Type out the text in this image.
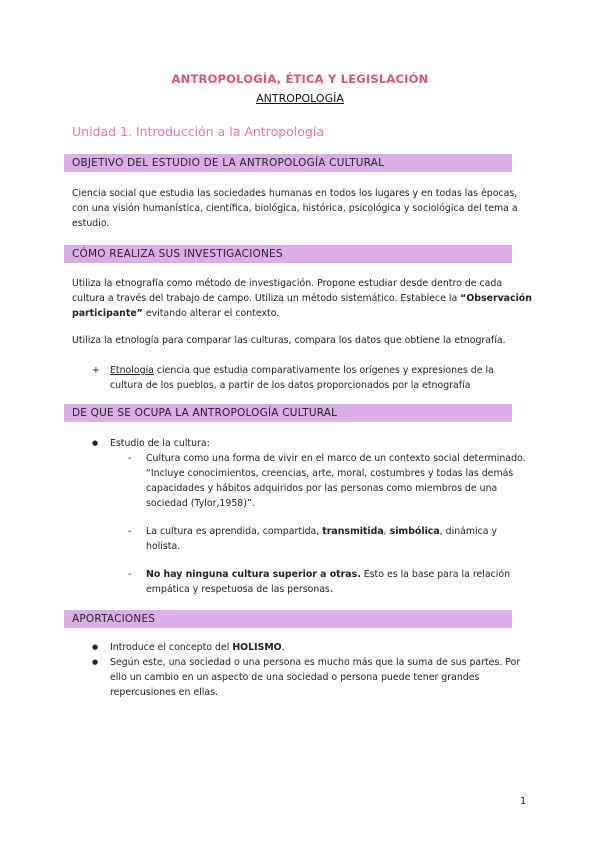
ANTROPOLOGÍA, ÉTICA Y LEGISLACIÓN
ANTROPOLOGÍA
Unidad 1. Introducción a la Antropología
OBJETIVO DEL ESTUDIO DE LA ANTROPOLOGÍA CULTURAL

Ciencia social que estudia las sociedades humanas en todos los lugares y en todas las épocas, con una visión humanística, científica, biológica, histórica, psicológica y sociológica del tema a estudio.

CÓMO REALIZA SUS INVESTIGACIONES

Utiliza la etnografía como método de investigación. Propone estudiar desde dentro de cada cultura a través del trabajo de campo. Utiliza un método sistemático. Establece la “Observación participante” evitando alterar el contexto.

Utiliza la etnología para comparar las culturas, compara los datos que obtiene la etnografía.

+ Etnología ciencia que estudia comparativamente los orígenes y expresiones de la cultura de los pueblos, a partir de los datos proporcionados por la etnografía

DE QUE SE OCUPA LA ANTROPOLOGÍA CULTURAL
● Estudio de la cultura:

- Cultura como una forma de vivir en el marco de un contexto social determinado. “Incluye conocimientos, creencias, arte, moral, costumbres y todas las demás capacidades y hábitos adquiridos por las personas como miembros de una sociedad (Tylor,1958)”.

- La cultura es aprendida, compartida, transmitida, simbólica, dinámica y holista.

- No hay ninguna cultura superior a otras. Esto es la base para la relación empática y respetuosa de las personas.

APORTACIONES
● Introduce el concepto del HOLISMO.

● Según este, una sociedad o una persona es mucho más que la suma de sus partes. Por ello un cambio en un aspecto de una sociedad o persona puede tener grandes repercusiones en ellas.

1
